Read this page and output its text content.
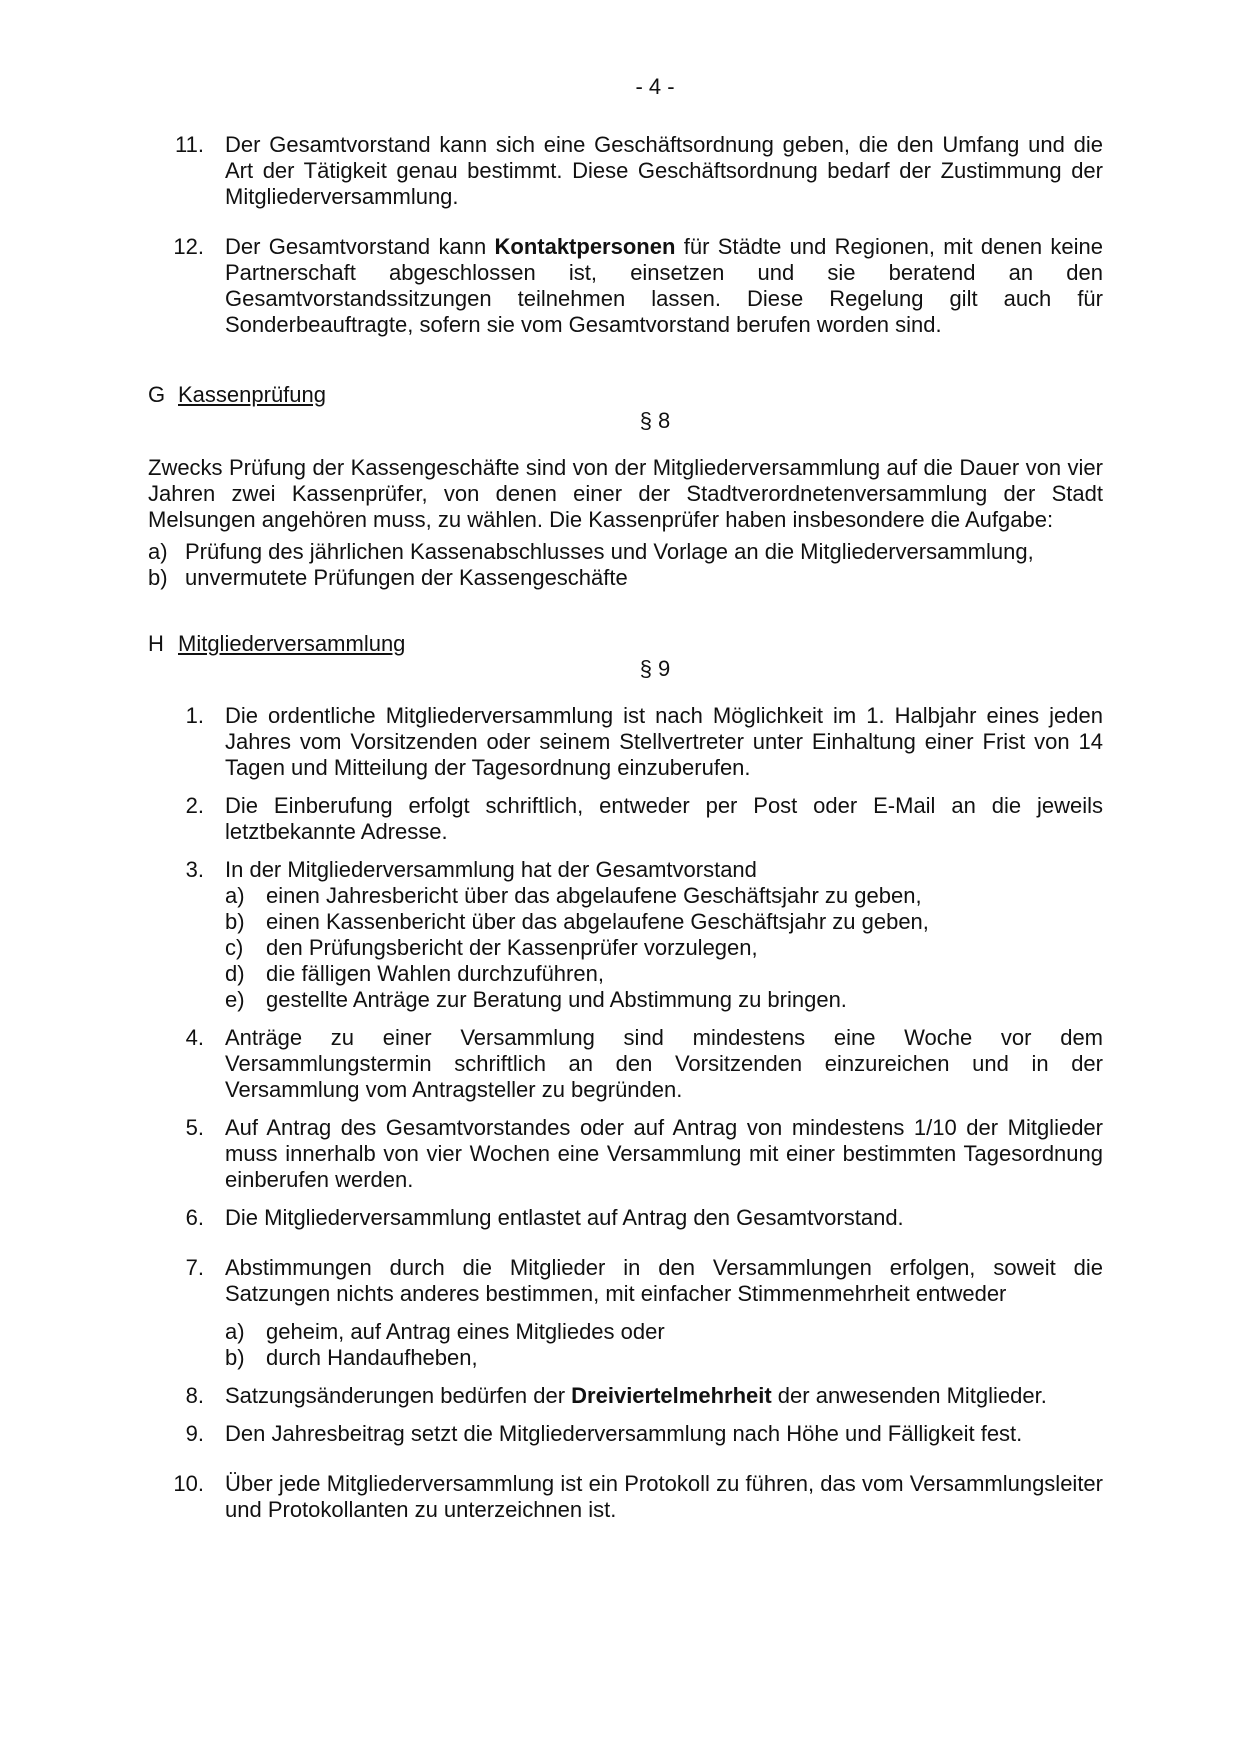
- 4 -
11. Der Gesamtvorstand kann sich eine Geschäftsordnung geben, die den Umfang und die Art der Tätigkeit genau bestimmt. Diese Geschäftsordnung bedarf der Zustimmung der Mitgliederversammlung.
12. Der Gesamtvorstand kann Kontaktpersonen für Städte und Regionen, mit denen keine Partnerschaft abgeschlossen ist, einsetzen und sie beratend an den Gesamtvorstandssitzungen teilnehmen lassen. Diese Regelung gilt auch für Sonderbeauftragte, sofern sie vom Gesamtvorstand berufen worden sind.
G Kassenprüfung
§ 8
Zwecks Prüfung der Kassengeschäfte sind von der Mitgliederversammlung auf die Dauer von vier Jahren zwei Kassenprüfer, von denen einer der Stadtverordnetenversammlung der Stadt Melsungen angehören muss, zu wählen. Die Kassenprüfer haben insbesondere die Aufgabe:
a) Prüfung des jährlichen Kassenabschlusses und Vorlage an die Mitgliederversammlung,
b) unvermutete Prüfungen der Kassengeschäfte
H Mitgliederversammlung
§ 9
1. Die ordentliche Mitgliederversammlung ist nach Möglichkeit im 1. Halbjahr eines jeden Jahres vom Vorsitzenden oder seinem Stellvertreter unter Einhaltung einer Frist von 14 Tagen und Mitteilung der Tagesordnung einzuberufen.
2. Die Einberufung erfolgt schriftlich, entweder per Post oder E-Mail an die jeweils letztbekannte Adresse.
3. In der Mitgliederversammlung hat der Gesamtvorstand
a) einen Jahresbericht über das abgelaufene Geschäftsjahr zu geben,
b) einen Kassenbericht über das abgelaufene Geschäftsjahr zu geben,
c) den Prüfungsbericht der Kassenprüfer vorzulegen,
d) die fälligen Wahlen durchzuführen,
e) gestellte Anträge zur Beratung und Abstimmung zu bringen.
4. Anträge zu einer Versammlung sind mindestens eine Woche vor dem Versammlungstermin schriftlich an den Vorsitzenden einzureichen und in der Versammlung vom Antragsteller zu begründen.
5. Auf Antrag des Gesamtvorstandes oder auf Antrag von mindestens 1/10 der Mitglieder muss innerhalb von vier Wochen eine Versammlung mit einer bestimmten Tagesordnung einberufen werden.
6. Die Mitgliederversammlung entlastet auf Antrag den Gesamtvorstand.
7. Abstimmungen durch die Mitglieder in den Versammlungen erfolgen, soweit die Satzungen nichts anderes bestimmen, mit einfacher Stimmenmehrheit entweder
a) geheim, auf Antrag eines Mitgliedes oder
b) durch Handaufheben,
8. Satzungsänderungen bedürfen der Dreiviertelmehrheit der anwesenden Mitglieder.
9. Den Jahresbeitrag setzt die Mitgliederversammlung nach Höhe und Fälligkeit fest.
10. Über jede Mitgliederversammlung ist ein Protokoll zu führen, das vom Versammlungsleiter und Protokollanten zu unterzeichnen ist.
